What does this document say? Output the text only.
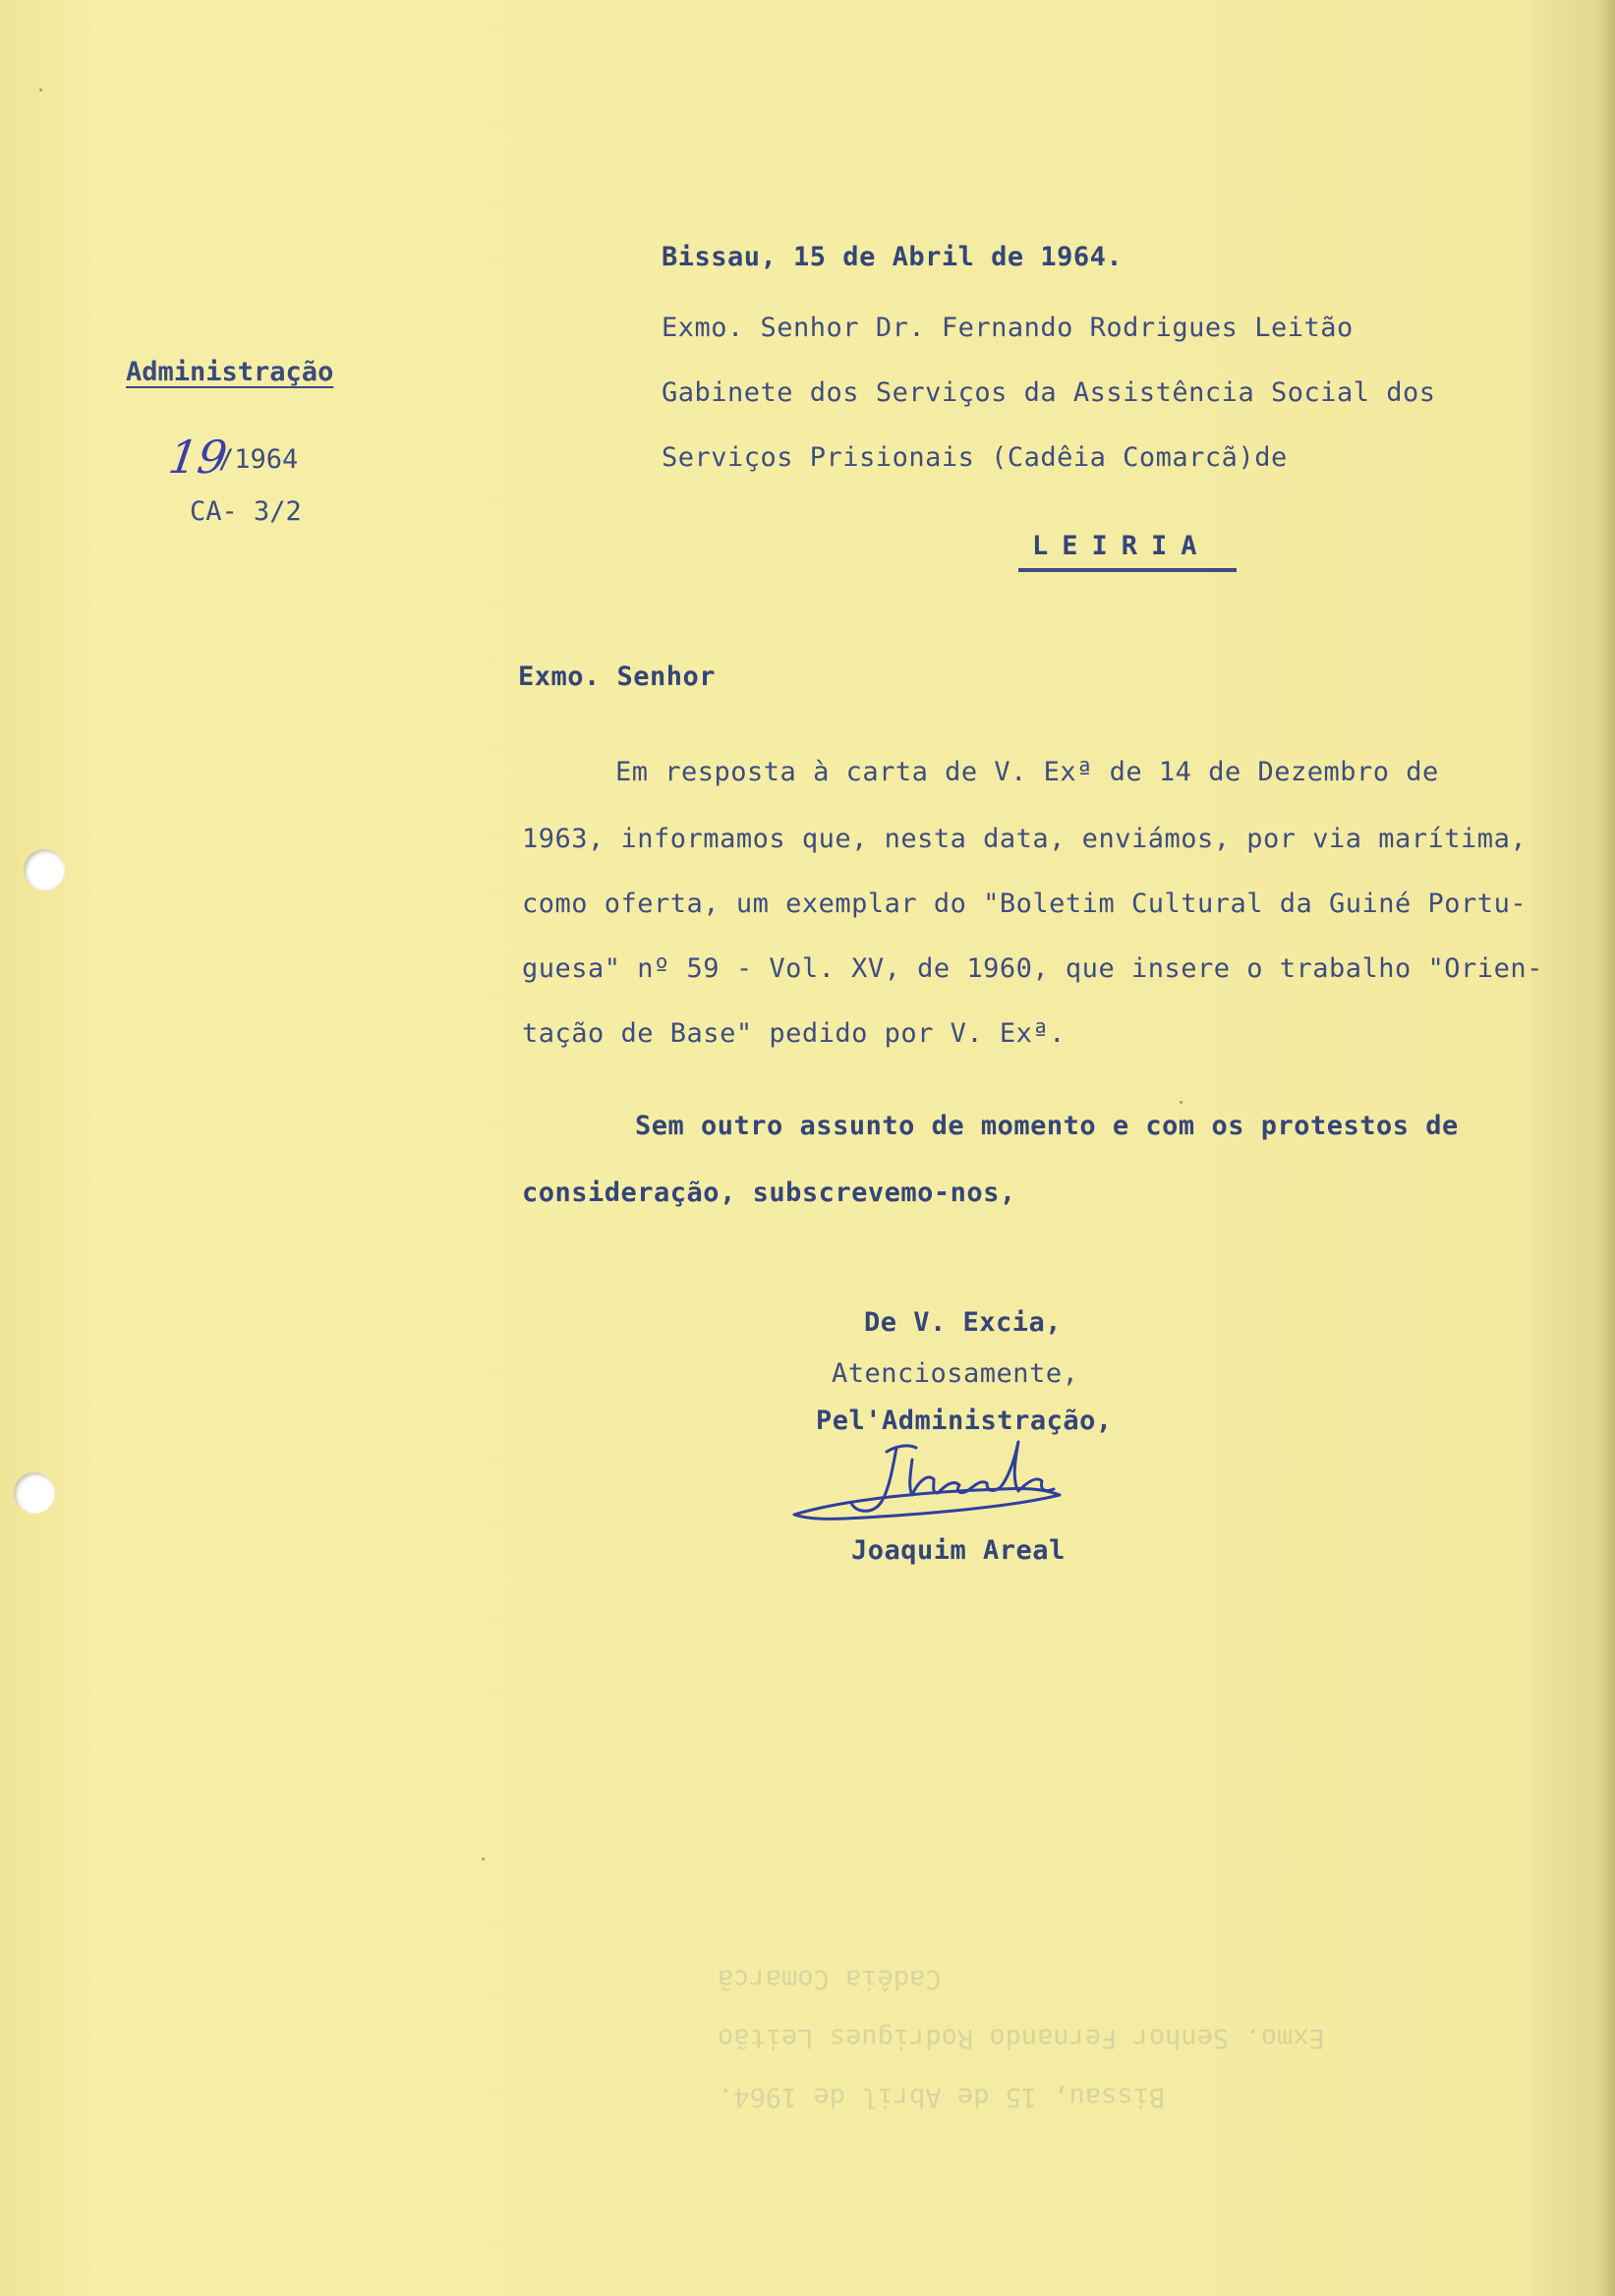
Bissau, 15 de Abril de 1964.
Exmo. Senhor Fernando Rodrigues Leitão
Cadêia Comarcã
Administração
19
/1964
CA- 3/2
Bissau, 15 de Abril de 1964.
Exmo. Senhor Dr. Fernando Rodrigues Leitão
Gabinete dos Serviços da Assistência Social dos
Serviços Prisionais (Cadêia Comarcã)de
LEIRIA
Exmo. Senhor
Em resposta à carta de V. Exª de 14 de Dezembro de
1963, informamos que, nesta data, enviámos, por via marítima,
como oferta, um exemplar do "Boletim Cultural da Guiné Portu-
guesa" nº 59 - Vol. XV, de 1960, que insere o trabalho "Orien-
tação de Base" pedido por V. Exª.
Sem outro assunto de momento e com os protestos de
consideração, subscrevemo-nos,
De V. Excia,
Atenciosamente,
Pel'Administração,
Joaquim Areal
